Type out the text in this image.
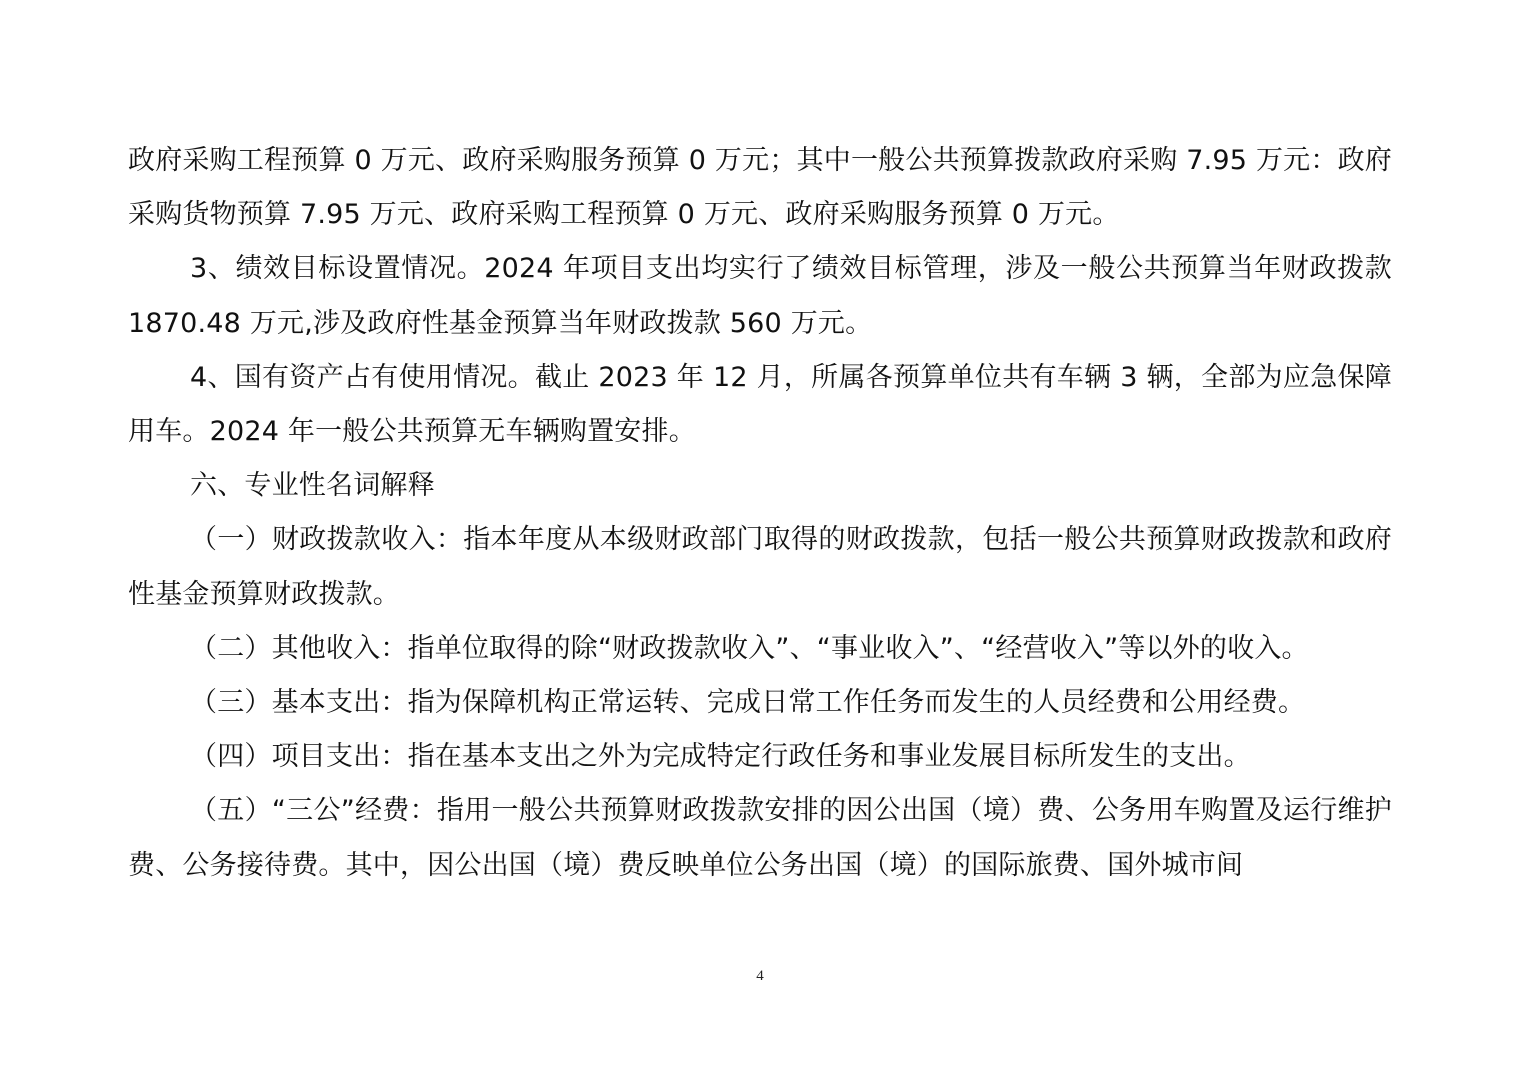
政府采购工程预算 0 万元、政府采购服务预算 0 万元；其中一般公共预算拨款政府采购 7.95 万元：政府采购货物预算 7.95 万元、政府采购工程预算 0 万元、政府采购服务预算 0 万元。

3、绩效目标设置情况。2024 年项目支出均实行了绩效目标管理，涉及一般公共预算当年财政拨款 1870.48 万元,涉及政府性基金预算当年财政拨款 560 万元。

4、国有资产占有使用情况。截止 2023 年 12 月，所属各预算单位共有车辆 3 辆，全部为应急保障用车。2024 年一般公共预算无车辆购置安排。

六、专业性名词解释

（一）财政拨款收入：指本年度从本级财政部门取得的财政拨款，包括一般公共预算财政拨款和政府性基金预算财政拨款。

（二）其他收入：指单位取得的除“财政拨款收入”、“事业收入”、“经营收入”等以外的收入。

（三）基本支出：指为保障机构正常运转、完成日常工作任务而发生的人员经费和公用经费。

（四）项目支出：指在基本支出之外为完成特定行政任务和事业发展目标所发生的支出。

（五）“三公”经费：指用一般公共预算财政拨款安排的因公出国（境）费、公务用车购置及运行维护费、公务接待费。其中，因公出国（境）费反映单位公务出国（境）的国际旅费、国外城市间

4
